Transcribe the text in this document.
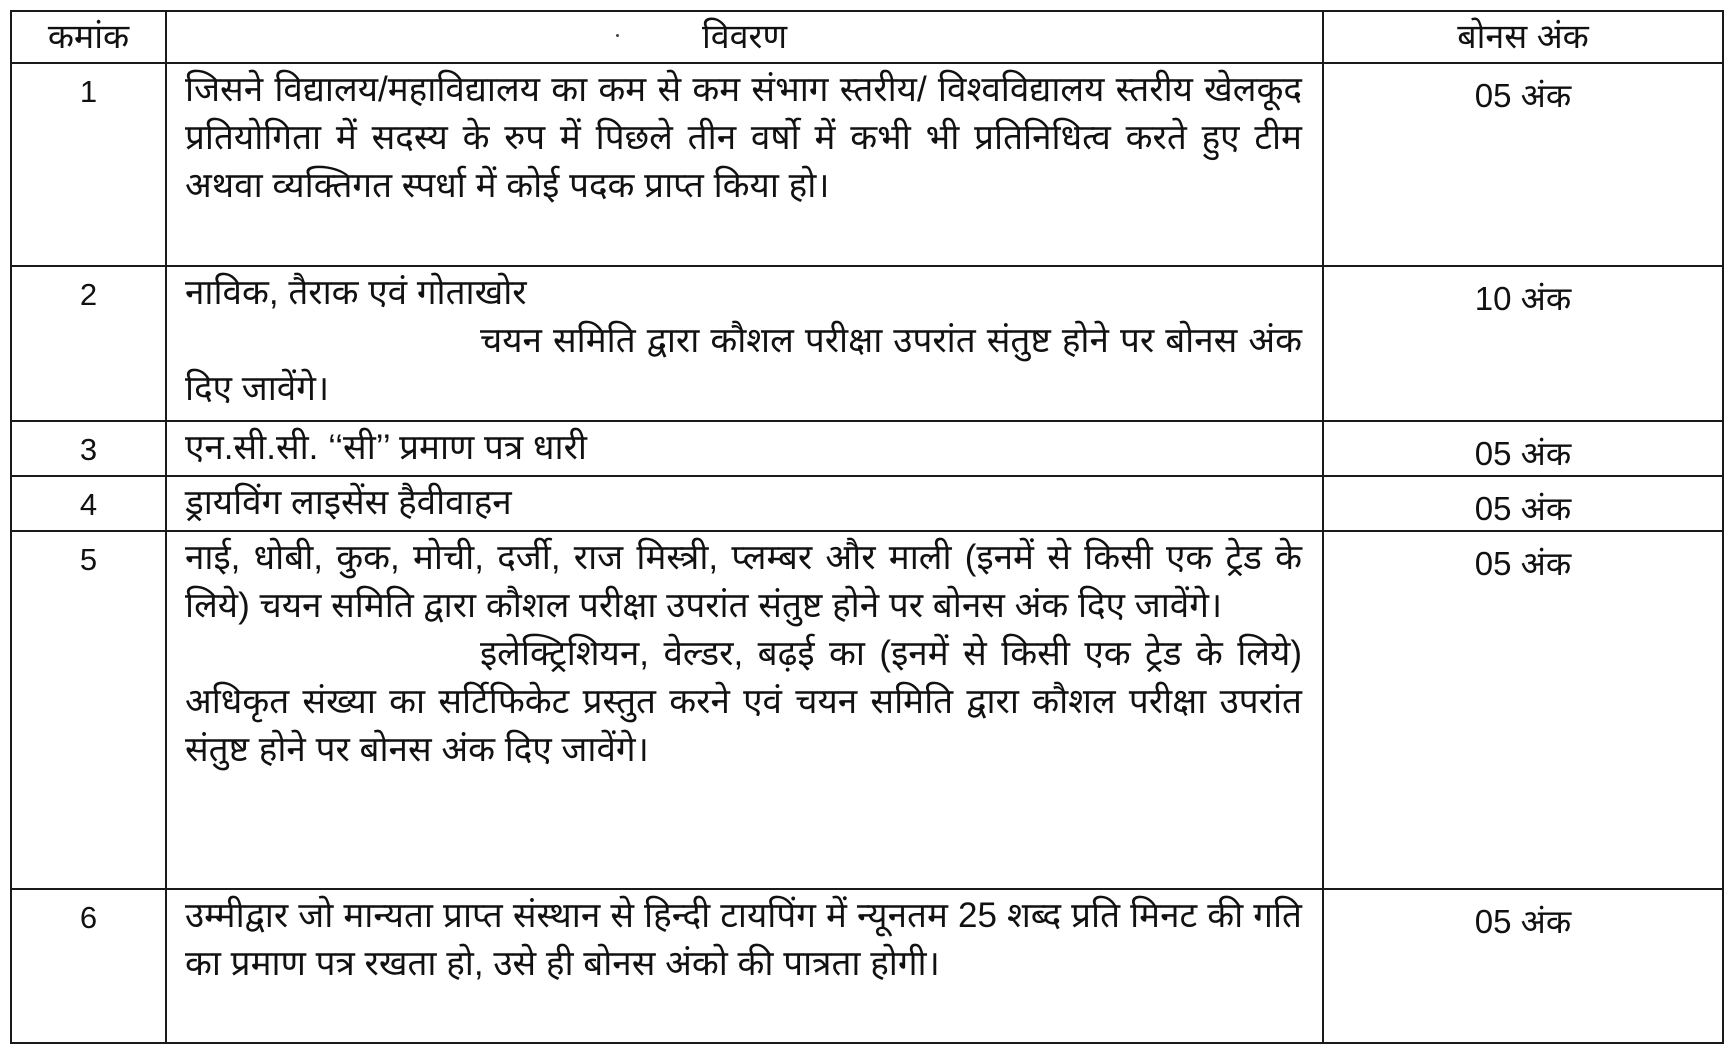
कमांक	विवरण	बोनस अंक
1	जिसने विद्यालय/महाविद्यालय का कम से कम संभाग स्तरीय/ विश्वविद्यालय स्तरीय खेलकूद प्रतियोगिता में सदस्य के रुप में पिछले तीन वर्षो में कभी भी प्रतिनिधित्व करते हुए टीम अथवा व्यक्तिगत स्पर्धा में कोई पदक प्राप्त किया हो।	05 अंक
2	नाविक, तैराक एवं गोताखोर
चयन समिति द्वारा कौशल परीक्षा उपरांत संतुष्ट होने पर बोनस अंक दिए जावेंगे।	10 अंक
3	एन.सी.सी. ‘‘सी’’ प्रमाण पत्र धारी	05 अंक
4	ड्रायविंग लाइसेंस हैवीवाहन	05 अंक
5	नाई, धोबी, कुक, मोची, दर्जी, राज मिस्त्री, प्लम्बर और माली (इनमें से किसी एक ट्रेड के लिये) चयन समिति द्वारा कौशल परीक्षा उपरांत संतुष्ट होने पर बोनस अंक दिए जावेंगे।
इलेक्ट्रिशियन, वेल्डर, बढ़ई का (इनमें से किसी एक ट्रेड के लिये) अधिकृत संख्या का सर्टिफिकेट प्रस्तुत करने एवं चयन समिति द्वारा कौशल परीक्षा उपरांत संतुष्ट होने पर बोनस अंक दिए जावेंगे।	05 अंक
6	उम्मीद्वार जो मान्यता प्राप्त संस्थान से हिन्दी टायपिंग में न्यूनतम 25 शब्द प्रति मिनट की गति का प्रमाण पत्र रखता हो, उसे ही बोनस अंको की पात्रता होगी।	05 अंक
